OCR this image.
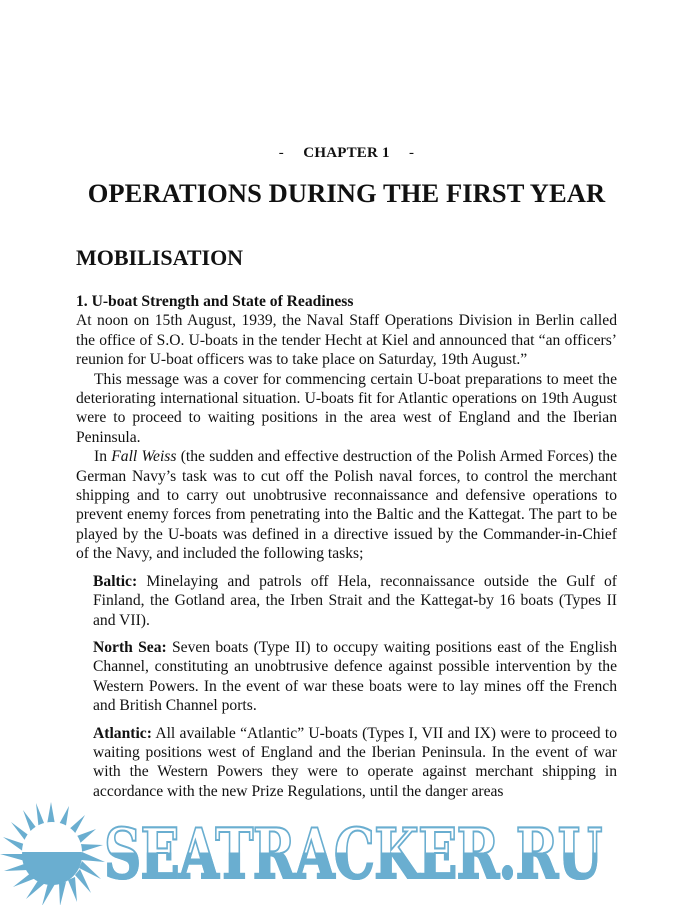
- CHAPTER 1 -
OPERATIONS DURING THE FIRST YEAR
MOBILISATION

1. U-boat Strength and State of Readiness

At noon on 15th August, 1939, the Naval Staff Operations Division in Berlin called the office of S.O. U-boats in the tender Hecht at Kiel and announced that “an officers’ reunion for U-boat officers was to take place on Saturday, 19th August.”

This message was a cover for commencing certain U-boat preparations to meet the deteriorating international situation. U-boats fit for Atlantic operations on 19th August were to proceed to waiting positions in the area west of England and the Iberian Peninsula.

In Fall Weiss (the sudden and effective destruction of the Polish Armed Forces) the German Navy’s task was to cut off the Polish naval forces, to control the merchant shipping and to carry out unobtrusive reconnaissance and defensive operations to prevent enemy forces from penetrating into the Baltic and the Kattegat. The part to be played by the U-boats was defined in a directive issued by the Commander-in-Chief of the Navy, and included the following tasks;

Baltic: Minelaying and patrols off Hela, reconnaissance outside the Gulf of Finland, the Gotland area, the Irben Strait and the Kattegat-by 16 boats (Types II and VII).

North Sea: Seven boats (Type II) to occupy waiting positions east of the English Channel, constituting an unobtrusive defence against possible intervention by the Western Powers. In the event of war these boats were to lay mines off the French and British Channel ports.

Atlantic: All available “Atlantic” U-boats (Types I, VII and IX) were to proceed to waiting positions west of England and the Iberian Peninsula. In the event of war with the Western Powers they were to operate against merchant shipping in accordance with the new Prize Regulations, until the danger areas

SEATRACKER.RU
